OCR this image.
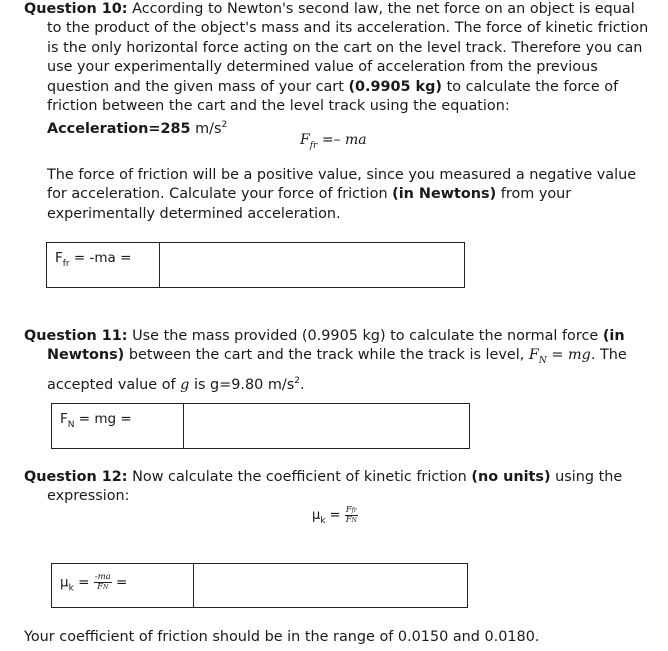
Question 10: According to Newton's second law, the net force on an object is equal to the product of the object's mass and its acceleration. The force of kinetic friction is the only horizontal force acting on the cart on the level track. Therefore you can use your experimentally determined value of acceleration from the previous question and the given mass of your cart (0.9905 kg) to calculate the force of friction between the cart and the level track using the equation:

Acceleration=285 $m/s^2$

$F_{fr}$ =– ma

The force of friction will be a positive value, since you measured a negative value for acceleration. Calculate your force of friction (in Newtons) from your experimentally determined acceleration.

$F_{fr} = -ma$ =	

Question 11: Use the mass provided (0.9905 kg) to calculate the normal force (in Newtons) between the cart and the track while the track is level, $F_N$ = mg. The accepted value of g is g=9.80 $m/s^2$.

$F_N$ = mg =	

Question 12: Now calculate the coefficient of kinetic friction (no units) using the expression:

$\mu_k = \frac{\text{Ffr}}{FN}$
$\mu_k = \frac{-ma}{FN}$ =	
Your coefficient of friction should be in the range of 0.0150 and 0.0180.
